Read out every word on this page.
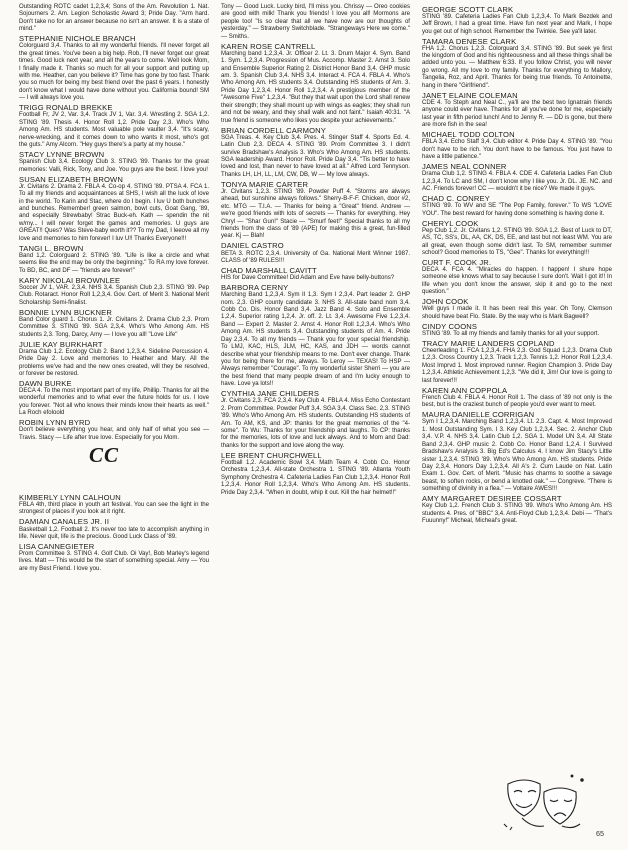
Outstanding ROTC cadet 1,2,3,4; Sons of the Am. Revolution 1. Nat. Sojourners 2. Am. Legion Scholastic Award 3; Pride Day. "Arm hard. Don't take no for an answer because no isn't an answer. It is a state of mind."
STEPHANIE NICHOLE BRANCH
Colorguard 3,4. Thanks to all my wonderful friends. I'll never forget all the great times. You've been a big help. Rob, I'll never forget our great times. Good luck next year, and all the years to come. Well look Mom, I finally made it. Thanks so much for all your support and putting up with me. Heather, can you believe it? Time has gone by too fast. Thank you so much for being my best friend over the past 6 years. I honestly don't know what I would have done without you. California bound! SM — I will always love you.
TRIGG RONALD BREKKE
Football Fr, JV 2, Var. 3,4. Track JV 1, Var. 3,4. Wrestling 2. SGA 1,2. STING '89. Thesis 4. Honor Roll 1,2. Pride Day 2,3. Who's Who Among Am. HS students. Most valuable pole vaulter 3,4. "It's scary, nerve-wrecking, and it comes down to who wants it most, who's got the guts." Amy Alcorn. "Hey guys there's a party at my house."
STACY LYNNE BROWN
Spanish Club 3,4. Ecology Club 3. STING '89. Thanks for the great memories: Valli, Rick, Tony, and Joe. You guys are the best. I love you!
SUSAN ELIZABETH BROWN
Jr. Civitans 2. Drama 2. FBLA 4. Co-op 4. STING '89. PTSA 4. FCA 1. To all my friends and acquaintances at SHS, I wish all the luck of love in the world. To Karin and Stac, where do I begin. I luv U both bunches and bunches. Remember! green salmon, bowl cuts, Goat Gang, '89, and especially Strewbaby! Strac Buck-eh. Kath — spendin the nit w/my... I will never forget the games and memories. U guys are GREAT!! Ques? Was Steve-baby worth it?? To my Dad, I leeove all my love and memories to him forever! I luv U!! Thanks Everyone!!!
TANGI L. BROWN
Band 1,2. Colorguard 2. STING '89. "Life is like a circle and what seems like the end may be only the beginning." To RA my love forever. To BD, BC, and DF — "friends are forever!"
KARY NIKOLAI BROWNLEE
Soccer JV 1, VAR. 2,3,4. NHS 3,4. Spanish Club 2,3. STING '89. Pep Club. Rotaract. Honor Roll 1,2,3,4. Gov. Cert. of Merit 3. National Merit Scholarship Semi-finalist.
BONNIE LYNN BUCKNER
Band Color guard 1. Chorus 1. Jr. Civitans 2. Drama Club 2,3. Prom Committee 3. STING '89. SGA 2,3,4. Who's Who Among Am. HS students 2,3. Tong, Darcy, Amy — I love you all! "Love Life"
JULIE KAY BURKHART
Drama Club 1,2. Ecology Club 2. Band 1,2,3,4. Sideline Percussion 4. Pride Day 2. Love and memories to Heather and Mary. All the problems we've had and the new ones created, will they be resolved, or forever be restored.
DAWN BURKE
DECA 4. To the most important part of my life, Phillip. Thanks for all the wonderful memories and to what ever the future holds for us. I love you forever. "Not all who knows their minds know their hearts as well." La Roch efoloold
ROBIN LYNN BYRD
Don't believe everything you hear, and only half of what you see — Travis. Stacy — Life after true love. Especially for you Mom.
CC
KIMBERLY LYNN CALHOUN
FBLA 4th, third place in youth art festival. You can see the light in the strongest of places if you look at it right.
DAMIAN CANALES JR. II
Basketball 1,2. Football 2. It's never too late to accomplish anything in life. Never quit, life is the precious. Good Luck Class of '89.
LISA CANNEGIETER
Prom Committee 3. STING 4. Golf Club. Oi Vay!, Bob Marley's legend lives. Matt — This would be the start of something special. Amy — You are my Best Friend. I love you.
Tony — Good Luck. Lucky bird, I'll miss you. Chrissy — Oreo cookies are good with milk! Thank you friends! I love you all! Mormons are people too! "Is so clear that all we have now are our thoughts of yesterday." — Strawberry Switchblade. "Strangeways Here we come." — Smiths.
KAREN ROSE CANTRELL
Marching band 1,2,3,4. Jr. Officer 2. Lt. 3. Drum Major 4. Sym. Band 1. Sym. 1,2,3,4. Progression of Mus. Accomp. Master 2. Amst 3. Solo and Ensemble Superior Rating 2. District Honor Band 3,4. GHP music am. 3. Spanish Club 3,4. NHS 3,4. Interact 4. FCA 4. FBLA 4. Who's Who Among Am. HS students 3,4. Outstanding HS students of Am. 3. Pride Day 1,2,3,4. Honor Roll 1,2,3,4. A prestigious member of the "Awesome Five" 1,2,3,4. "But they that wait upon the Lord shall renew their strength; they shall mount up with wings as eagles; they shall run and not be weary, and they shall walk and not faint." Isaiah 40:31. "A true friend is someone who likes you despite your achievements."
BRIAN CORDELL CARMONY
SGA Treas. 4. Key Club 3,4. Pres. 4. Stinger Staff 4. Sports Ed. 4. Latin Club 2,3. DECA 4. STING '89. Prom Committee 3. I didn't survive Bradshaw's Analysis 3. Who's Who Among Am. HS students. SGA leadership Award. Honor Roll. Pride Day 3,4. "Tis better to have loved and lost, than never to have loved at all." Alfred Lord Tennyson. Thanks LH, LH, LL, LM, CW, DB, W — My love always.
TONYA MARIE CARTER
Jr. Civitans 1,2,3. STING '89. Powder Puff 4. "Storms are always ahead, but sunshine always follows." Sherry-B-F-F. Chicken, door #2, etc. MTG — T.I.A. — Thanks for being a "Great" friend. Andrew — we're good friends with lots of secrets — Thanks for everything. Hey Chryl — "Shar Gun!" Stacie — "Smurf feet!" Special thanks to all my friends from the class of '89 (APE) for making this a great, fun-filled year. Kj — Blah!
DANIEL CASTRO
BETA 3. ROTC 2,3,4. University of Ga. National Merit Winner 1987. CLASS of '89 RULES!!!
CHAD MARSHALL CAVITT
HIS for Dave Committee! Did Adam and Eve have belly-buttons?
BARBORA CERNY
Marching Band 1,2,3,4. Sym II 1,3. Sym I 2,3,4. Part leader 2. GHP nom. 2,3. GHP county candidate 3. NHS 3. All-state band nom 3,4. Cobb Co. Dis. Honor Band 3,4. Jazz Band 4. Solo and Ensemble 1,2,4. Superior rating 1,2,4. Jr. off. 2. Lt. 3,4. Awesome Five 1,2,3,4. Band — Expert 2. Master 2. Amst 4. Honor Roll 1,2,3,4. Who's Who Among Am. HS students 3,4. Outstanding students of Am. 4. Pride Day 2,3,4. To all my friends — Thank you for your special friendship. To LMJ, KAC, HLS, JLM, HC, KAS, and JDH — words cannot describe what your friendship means to me. Don't ever change. Thank you for being there for me, always. To Leroy — TEXAS! To HSP — Always remember "Courage". To my wonderful sister Sherri — you are the best friend that many people dream of and I'm lucky enough to have. Love ya lots!!
CYNTHIA JANE CHILDERS
Jr. Civitans 2,3. FCA 2,3,4. Key Club 4. FBLA 4. Miss Echo Contestant 2. Prom Committee. Powder Puff 3,4. SGA 3,4. Class Sec. 2,3. STING '89. Who's Who Among Am. HS students. Outstanding HS students of Am. To AM, KS, and JP: thanks for the great memories of the "4-some". To Wu: Thanks for your friendship and laughs. To CP: thanks for the memories, lots of love and luck always. And to Mom and Dad: thanks for the support and love along the way.
LEE BRENT CHURCHWELL
Football 1,2. Academic Bowl 3,4. Math Team 4. Cobb Co. Honor Orchestra 1,2,3,4. All-state Orchestra 1. STING '89. Atlanta Youth Symphony Orchestra 4. Cafeteria Ladies Fan Club 1,2,3,4. Honor Roll 1,2,3,4. Honor Roll 1,2,3,4. Who's Who Among Am. HS students. Pride Day 2,3,4. "When in doubt, whip it out. Kill the hair helmet!!"
GEORGE SCOTT CLARK
STING '89. Cafeteria Ladies Fan Club 1,2,3,4. To Mark Bezdek and Jeff Brown, I had a great time. Have fun next year and Mark, I hope you get out of high school. Remember the Twinkie. See ya'll later.
TAMARA DENESE CLARK
FHA 1,2. Chorus 1,2,3. Colorguard 3,4. STING '89. But seek ye first the kingdom of God and his righteousness and all these things shall be added unto you. — Matthew 6:33. If you follow Christ, you will never go wrong. All my love to my family. Thanks for everything to Mallory, Tangelia, Roz, and April. Thanks for being true friends. To Antoinette, hang in there "Girlfriend".
JANET ELAINE COLEMAN
CDE 4. To Steph and Neal C., ya'll are the best two Ignatrain friends anyone could ever have. Thanks for all you've done for me, especially last year in fifth period lunch! And to Jenny R. — DD is gone, but there are more fish in the sea!
MICHAEL TODD COLTON
FBLA 3,4. Echo Staff 3,4. Club editor 4. Pride Day 4. STING '89. "You don't have to be rich. You don't have to be famous. You just have to have a little patience."
JAMES NEAL CONNER
Drama Club 1,2. STING 4. FBLA 4. CDE 4. Cafeteria Ladies Fan Club 1,2,3,4. To LC and SM, I don't know why I like you. Jr. DL. JE. NC. and AC. Friends forever! CC — wouldn't it be nice? We made it guys.
CHAD C. CONREY
STING '89. To WV and SE "The Pop Family, forever." To WS "LOVE YOU". The best reward for having done something is having done it.
CHERYL COOK
Pep Club 1,2. Jr. Civitans 1,2. STING '89. SGA 1,2. Best of Luck to DT, AS, TC, SS's, DL, AA, CK, DS, EE, and last but not least WM. You are all great, even though some didn't last. To SM, remember summer school? Good memories to TS, "Gee". Thanks for everything!!!
CURT F. COOK JR.
DECA 4. FCA 4. "Miracles do happen. I happen! I shure hope someone else knows what to say because I sure don't. Wait I got it!! In life when you don't know the answer, skip it and go to the next question."
JOHN COOK
Well guys I made it. It has been real this year. Oh Tony, Clemson should have beat Flo. State. By the way who is Mark Bagwell?
CINDY COONS
STING '89. To all my friends and family thanks for all your support.
TRACY MARIE LANDERS COPLAND
Cheerleading 1. FCA 1,2,3,4. FHA 2,3. God Squad 1,2,3. Drama Club 1,2,3. Cross Country 1,2,3. Track 1,2,3. Tennis 1,2. Honor Roll 1,2,3,4. Most Imprvd 1. Most improved runner. Region Champion 3. Pride Day 1,2,3,4. Athletic Achievement 1,2,3. "We did it, Jim! Our love is going to last forever!!!
KAREN ANN COPPOLA
French Club 4. FBLA 4. Honor Roll 1. The class of '89 not only is the best, but is the craziest bunch of people you'd ever want to meet.
MAURA DANIELLE CORRIGAN
Sym I 1,2,3,4. Marching Band 1,2,3,4. Lt. 2,3. Capt. 4. Most Improved 1. Most Outstanding Sym. I 3. Key Club 1,2,3,4. Sec. 2. Anchor Club 3,4. V.P. 4. NHS 3,4. Latin Club 1,2. SGA 1. Model UN 3,4. All State Band 2,3,4. GHP music 2. Cobb Co. Honor Band 1,2,4. I Survived Bradshaw's Analysis 3. Big Ed's Calculus 4. I know Jim Stacy's Little sister 1,2,3,4. STING '89. Who's Who Among Am. HS students. Pride Day 2,3,4. Honors Day 1,2,3,4. All A's 2. Cum Laude on Nat. Latin Exam 1. Gov. Cert. of Merit. "Music has charms to soothe a savage beast, to soften rocks, or bend a knotted oak." — Congreve. "There is something of divinity in a flea." — Voltaire AWES!!!
AMY MARGARET DESIREE COSSART
Key Club 1,2. French Club 3. STING '89. Who's Who Among Am. HS students 4. Pres. of "BBC" 3,4. Anti-Floyd Club 1,2,3,4. Debi — "That's Fuuunny!" Micheal, Micheal's great.
65
